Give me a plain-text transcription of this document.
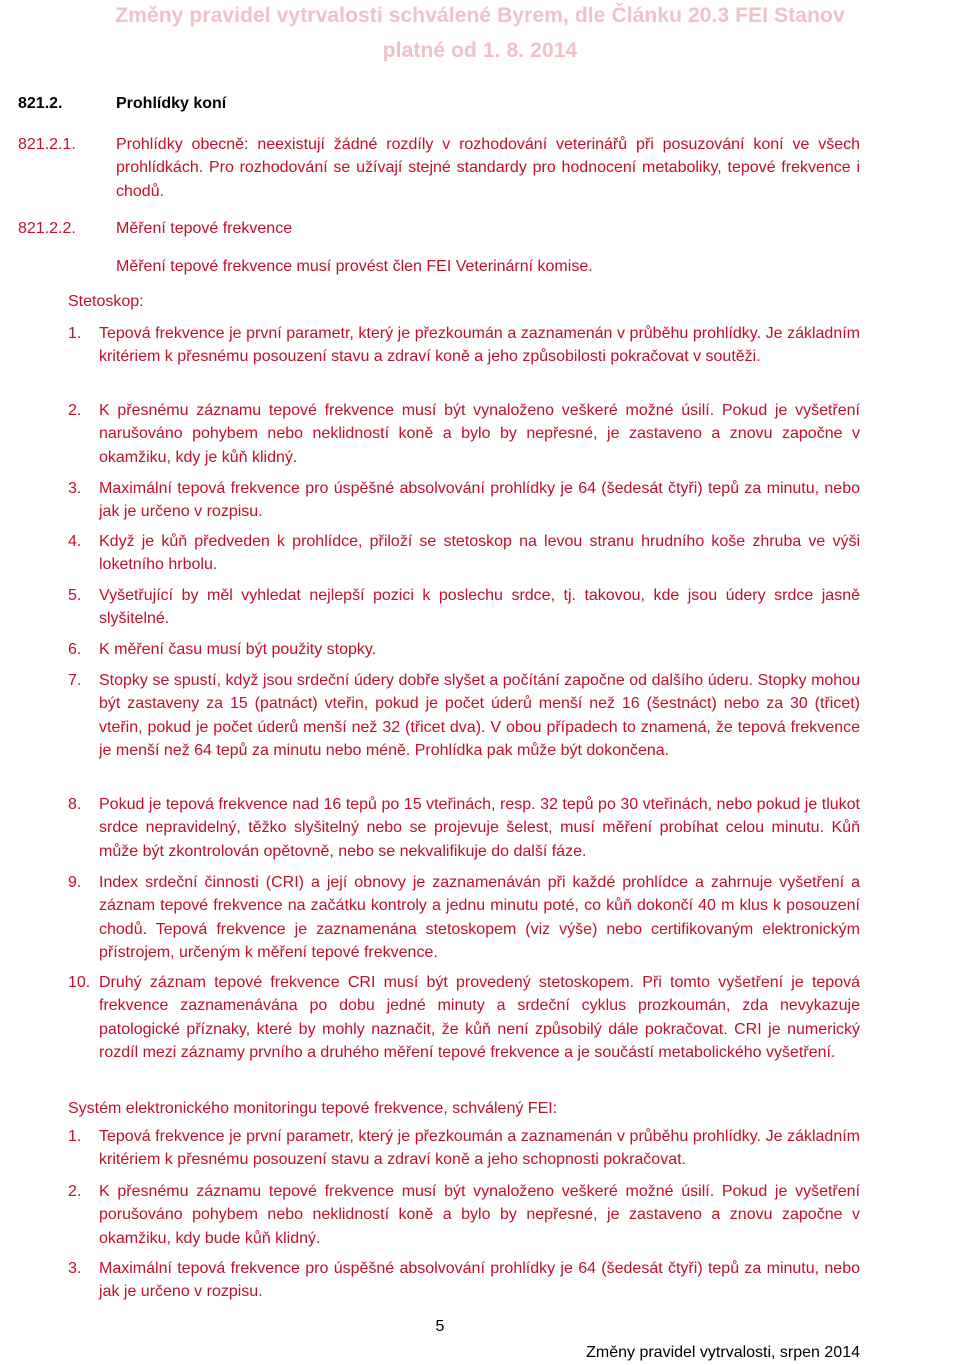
Změny pravidel vytrvalosti schválené Byrem, dle Článku 20.3 FEI Stanov
platné od 1. 8. 2014
821.2.	Prohlídky koní
821.2.1.	Prohlídky obecně: neexistují žádné rozdíly v rozhodování veterinářů při posuzování koní ve všech prohlídkách. Pro rozhodování se užívají stejné standardy pro hodnocení metaboliky, tepové frekvence i chodů.
821.2.2.	Měření tepové frekvence
Měření tepové frekvence musí provést člen FEI Veterinární komise.
Stetoskop:
1. Tepová frekvence je první parametr, který je přezkoumán a zaznamenán v průběhu prohlídky. Je základním kritériem k přesnému posouzení stavu a zdraví koně a jeho způsobilosti pokračovat v soutěži.
2. K přesnému záznamu tepové frekvence musí být vynaloženo veškeré možné úsilí. Pokud je vyšetření narušováno pohybem nebo neklidností koně a bylo by nepřesné, je zastaveno a znovu započne v okamžiku, kdy je kůň klidný.
3. Maximální tepová frekvence pro úspěšné absolvování prohlídky je 64 (šedesát čtyři) tepů za minutu, nebo jak je určeno v rozpisu.
4. Když je kůň předveden k prohlídce, přiloží se stetoskop na levou stranu hrudního koše zhruba ve výši loketního hrbolu.
5. Vyšetřující by měl vyhledat nejlepší pozici k poslechu srdce, tj. takovou, kde jsou údery srdce jasně slyšitelné.
6. K měření času musí být použity stopky.
7. Stopky se spustí, když jsou srdeční údery dobře slyšet a počítání započne od dalšího úderu. Stopky mohou být zastaveny za 15 (patnáct) vteřin, pokud je počet úderů menší než 16 (šestnáct) nebo za 30 (třicet) vteřin, pokud je počet úderů menší než 32 (třicet dva). V obou případech to znamená, že tepová frekvence je menší než 64 tepů za minutu nebo méně. Prohlídka pak může být dokončena.
8. Pokud je tepová frekvence nad 16 tepů po 15 vteřinách, resp. 32 tepů po 30 vteřinách, nebo pokud je tlukot srdce nepravidelný, těžko slyšitelný nebo se projevuje šelest, musí měření probíhat celou minutu. Kůň může být zkontrolován opětovně, nebo se nekvalifikuje do další fáze.
9. Index srdeční činnosti (CRI) a její obnovy je zaznamenáván při každé prohlídce a zahrnuje vyšetření a záznam tepové frekvence na začátku kontroly a jednu minutu poté, co kůň dokončí 40 m klus k posouzení chodů. Tepová frekvence je zaznamenána stetoskopem (viz výše) nebo certifikovaným elektronickým přístrojem, určeným k měření tepové frekvence.
10. Druhý záznam tepové frekvence CRI musí být provedený stetoskopem. Při tomto vyšetření je tepová frekvence zaznamenávána po dobu jedné minuty a srdeční cyklus prozkoumán, zda nevykazuje patologické příznaky, které by mohly naznačit, že kůň není způsobilý dále pokračovat. CRI je numerický rozdíl mezi záznamy prvního a druhého měření tepové frekvence a je součástí metabolického vyšetření.
Systém elektronického monitoringu tepové frekvence, schválený FEI:
1. Tepová frekvence je první parametr, který je přezkoumán a zaznamenán v průběhu prohlídky. Je základním kritériem k přesnému posouzení stavu a zdraví koně a jeho schopnosti pokračovat.
2. K přesnému záznamu tepové frekvence musí být vynaloženo veškeré možné úsilí. Pokud je vyšetření porušováno pohybem nebo neklidností koně a bylo by nepřesné, je zastaveno a znovu započne v okamžiku, kdy bude kůň klidný.
3. Maximální tepová frekvence pro úspěšné absolvování prohlídky je 64 (šedesát čtyři) tepů za minutu, nebo jak je určeno v rozpisu.
5
Změny pravidel vytrvalosti, srpen 2014
